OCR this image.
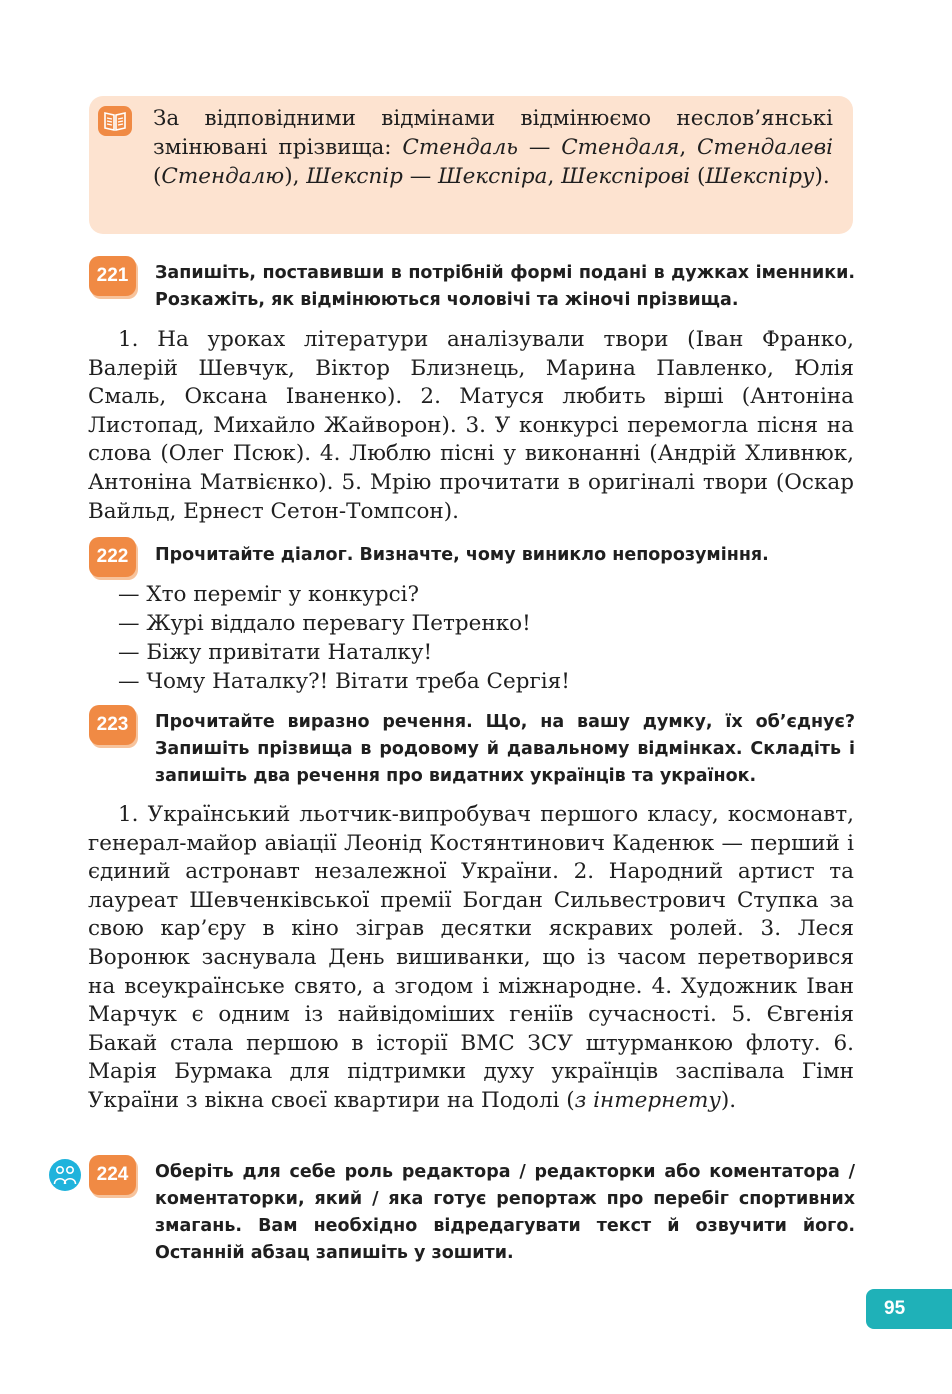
За відповідними відмінами відмінюємо неслов’янські змінювані прізвища: Стендаль — Стендаля, Стендалеві (Стендалю), Шекспір — Шекспіра, Шекспірові (Шекспіру).
221	Запишіть, поставивши в потрібній формі подані в дужках іменники. Розкажіть, як відмінюються чоловічі та жіночі прізвища.
1. На уроках літератури аналізували твори (Іван Франко, Валерій Шевчук, Віктор Близнець, Марина Павленко, Юлія Смаль, Оксана Іваненко). 2. Матуся любить вірші (Антоніна Листопад, Михайло Жайворон). 3. У конкурсі перемогла пісня на слова (Олег Псюк). 4. Люблю пісні у виконанні (Андрій Хливнюк, Антоніна Матвієнко). 5. Мрію прочитати в оригіналі твори (Оскар Вайльд, Ернест Сетон-Томпсон).
222	Прочитайте діалог. Визначте, чому виникло непорозуміння.
— Хто переміг у конкурсі?
— Журі віддало перевагу Петренко!
— Біжу привітати Наталку!
— Чому Наталку?! Вітати треба Сергія!
223	Прочитайте виразно речення. Що, на вашу думку, їх об’єднує? Запишіть прізвища в родовому й давальному відмінках. Складіть і запишіть два речення про видатних українців та українок.
1. Український льотчик-випробувач першого класу, космонавт, генерал-майор авіації Леонід Костянтинович Каденюк — перший і єдиний астронавт незалежної України. 2. Народний артист та лауреат Шевченківської премії Богдан Сильвестрович Ступка за свою кар’єру в кіно зіграв десятки яскравих ролей. 3. Леся Воронюк заснувала День вишиванки, що із часом перетворився на всеукраїнське свято, а згодом і міжнародне. 4. Художник Іван Марчук є одним із найвідоміших геніїв сучасності. 5. Євгенія Бакай стала першою в історії ВМС ЗСУ штурманкою флоту. 6. Марія Бурмака для підтримки духу українців заспівала Гімн України з вікна своєї квартири на Подолі (з інтернету).
224	Оберіть для себе роль редактора / редакторки або коментатора / коментаторки, який / яка готує репортаж про перебіг спортивних змагань. Вам необхідно відредагувати текст й озвучити його. Останній абзац запишіть у зошити.
95
